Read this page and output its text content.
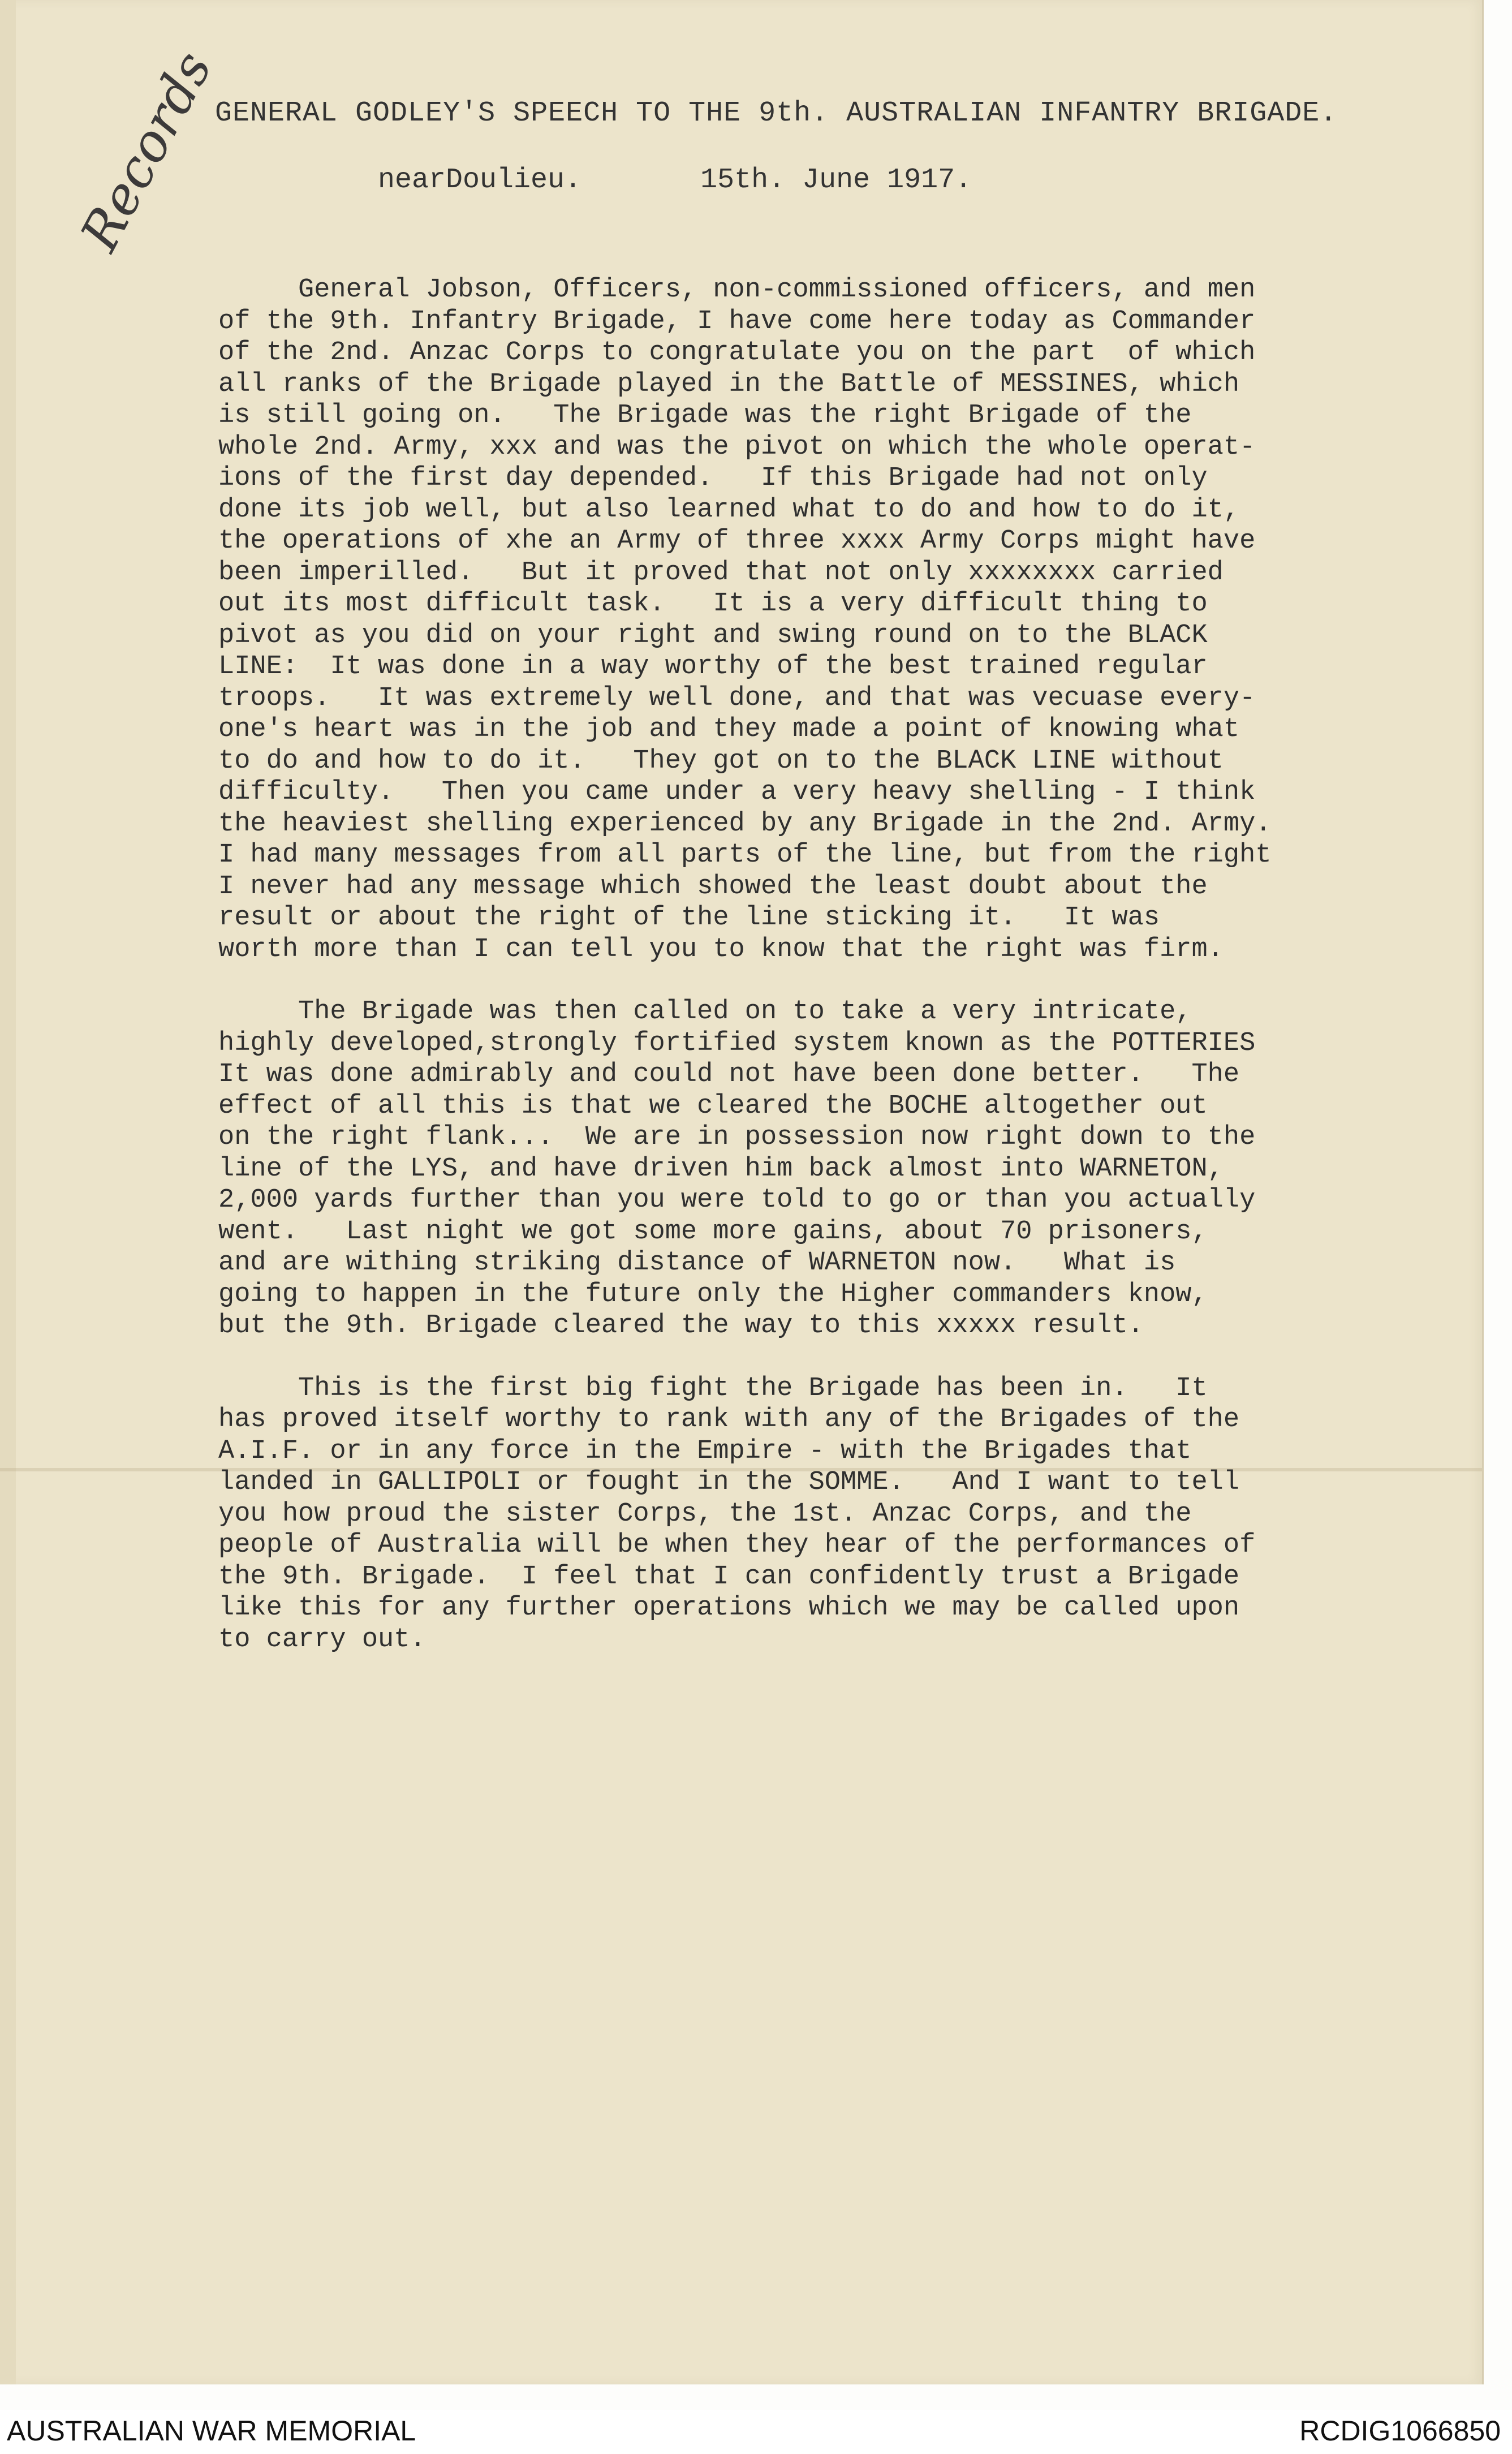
Records
GENERAL GODLEY'S SPEECH TO THE 9th. AUSTRALIAN INFANTRY BRIGADE.
nearDoulieu.	15th. June 1917.
General Jobson, Officers, non-commissioned officers, and men
of the 9th. Infantry Brigade, I have come here today as Commander
of the 2nd. Anzac Corps to congratulate you on the part  of which
all ranks of the Brigade played in the Battle of MESSINES, which
is still going on.   The Brigade was the right Brigade of the
whole 2nd. Army, xxx and was the pivot on which the whole operat-
ions of the first day depended.   If this Brigade had not only
done its job well, but also learned what to do and how to do it,
the operations of xhe an Army of three xxxx Army Corps might have
been imperilled.   But it proved that not only xxxxxxxx carried
out its most difficult task.   It is a very difficult thing to
pivot as you did on your right and swing round on to the BLACK
LINE:  It was done in a way worthy of the best trained regular
troops.   It was extremely well done, and that was vecuase every-
one's heart was in the job and they made a point of knowing what
to do and how to do it.   They got on to the BLACK LINE without
difficulty.   Then you came under a very heavy shelling - I think
the heaviest shelling experienced by any Brigade in the 2nd. Army.
I had many messages from all parts of the line, but from the right
I never had any message which showed the least doubt about the
result or about the right of the line sticking it.   It was
worth more than I can tell you to know that the right was firm.
The Brigade was then called on to take a very intricate,
highly developed,strongly fortified system known as the POTTERIES
It was done admirably and could not have been done better.   The
effect of all this is that we cleared the BOCHE altogether out
on the right flank...  We are in possession now right down to the
line of the LYS, and have driven him back almost into WARNETON,
2,000 yards further than you were told to go or than you actually
went.   Last night we got some more gains, about 70 prisoners,
and are withing striking distance of WARNETON now.   What is
going to happen in the future only the Higher commanders know,
but the 9th. Brigade cleared the way to this xxxxx result.
This is the first big fight the Brigade has been in.   It
has proved itself worthy to rank with any of the Brigades of the
A.I.F. or in any force in the Empire - with the Brigades that
landed in GALLIPOLI or fought in the SOMME.   And I want to tell
you how proud the sister Corps, the 1st. Anzac Corps, and the
people of Australia will be when they hear of the performances of
the 9th. Brigade.  I feel that I can confidently trust a Brigade
like this for any further operations which we may be called upon
to carry out.
AUSTRALIAN WAR MEMORIAL	RCDIG1066850
